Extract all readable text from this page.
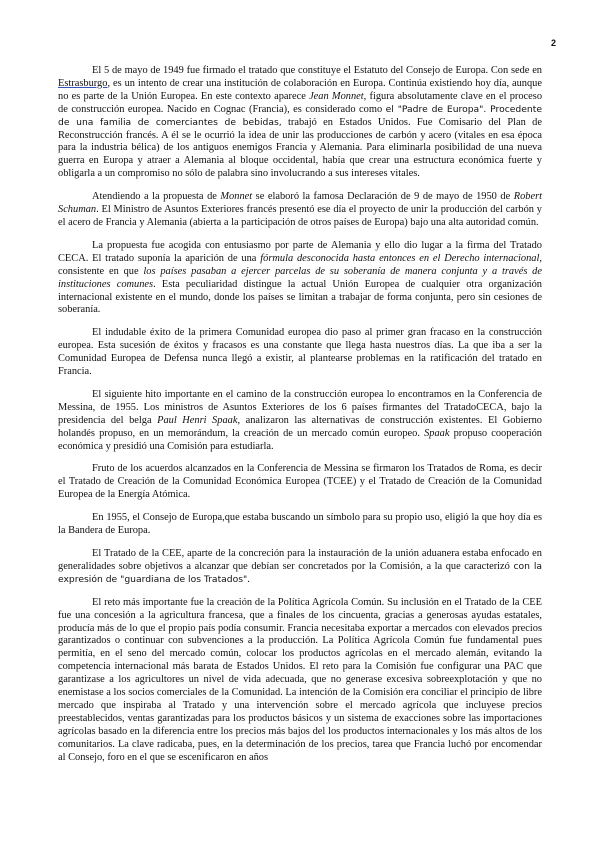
2

El 5 de mayo de 1949 fue firmado el tratado que constituye el Estatuto del Consejo de Europa. Con sede en Estrasburgo, es un intento de crear una institución de colaboración en Europa. Continúa existiendo hoy día, aunque no es parte de la Unión Europea. En este contexto aparece Jean Monnet, figura absolutamente clave en el proceso de construcción europea. Nacido en Cognac (Francia), es considerado como el "Padre de Europa". Procedente de una familia de comerciantes de bebidas, trabajó en Estados Unidos. Fue Comisario del Plan de Reconstrucción francés. A él se le ocurrió la idea de unir las producciones de carbón y acero (vitales en esa época para la industria bélica) de los antiguos enemigos Francia y Alemania. Para eliminarla posibilidad de una nueva guerra en Europa y atraer a Alemania al bloque occidental, había que crear una estructura económica fuerte y obligarla a un compromiso no sólo de palabra sino involucrando a sus intereses vitales.

Atendiendo a la propuesta de Monnet se elaboró la famosa Declaración de 9 de mayo de 1950 de Robert Schuman. El Ministro de Asuntos Exteriores francés presentó ese día el proyecto de unir la producción del carbón y el acero de Francia y Alemania (abierta a la participación de otros países de Europa) bajo una alta autoridad común.

La propuesta fue acogida con entusiasmo por parte de Alemania y ello dio lugar a la firma del Tratado CECA. El tratado suponía la aparición de una fórmula desconocida hasta entonces en el Derecho internacional, consistente en que los países pasaban a ejercer parcelas de su soberanía de manera conjunta y a través de instituciones comunes. Esta peculiaridad distingue la actual Unión Europea de cualquier otra organización internacional existente en el mundo, donde los países se limitan a trabajar de forma conjunta, pero sin cesiones de soberanía.

El indudable éxito de la primera Comunidad europea dio paso al primer gran fracaso en la construcción europea. Esta sucesión de éxitos y fracasos es una constante que llega hasta nuestros días. La que iba a ser la Comunidad Europea de Defensa nunca llegó a existir, al plantearse problemas en la ratificación del tratado en Francia.

El siguiente hito importante en el camino de la construcción europea lo encontramos en la Conferencia de Messina, de 1955. Los ministros de Asuntos Exteriores de los 6 países firmantes del TratadoCECA, bajo la presidencia del belga Paul Henri Spaak, analizaron las alternativas de construcción existentes. El Gobierno holandés propuso, en un memorándum, la creación de un mercado común europeo. Spaak propuso cooperación económica y presidió una Comisión para estudiarla.

Fruto de los acuerdos alcanzados en la Conferencia de Messina se firmaron los Tratados de Roma, es decir el Tratado de Creación de la Comunidad Económica Europea (TCEE) y el Tratado de Creación de la Comunidad Europea de la Energía Atómica.

En 1955, el Consejo de Europa,que estaba buscando un símbolo para su propio uso, eligió la que hoy día es la Bandera de Europa.

El Tratado de la CEE, aparte de la concreción para la instauración de la unión aduanera estaba enfocado en generalidades sobre objetivos a alcanzar que debían ser concretados por la Comisión, a la que caracterizó con la expresión de "guardiana de los Tratados".

El reto más importante fue la creación de la Política Agrícola Común. Su inclusión en el Tratado de la CEE fue una concesión a la agricultura francesa, que a finales de los cincuenta, gracias a generosas ayudas estatales, producía más de lo que el propio país podía consumir. Francia necesitaba exportar a mercados con elevados precios garantizados o continuar con subvenciones a la producción. La Política Agrícola Común fue fundamental pues permitía, en el seno del mercado común, colocar los productos agrícolas en el mercado alemán, evitando la competencia internacional más barata de Estados Unidos. El reto para la Comisión fue configurar una PAC que garantizase a los agricultores un nivel de vida adecuada, que no generase excesiva sobreexplotación y que no enemistase a los socios comerciales de la Comunidad. La intención de la Comisión era conciliar el principio de libre mercado que inspiraba al Tratado y una intervención sobre el mercado agrícola que incluyese precios preestablecidos, ventas garantizadas para los productos básicos y un sistema de exacciones sobre las importaciones agrícolas basado en la diferencia entre los precios más bajos del los productos internacionales y los más altos de los comunitarios. La clave radicaba, pues, en la determinación de los precios, tarea que Francia luchó por encomendar al Consejo, foro en el que se escenificaron en años
